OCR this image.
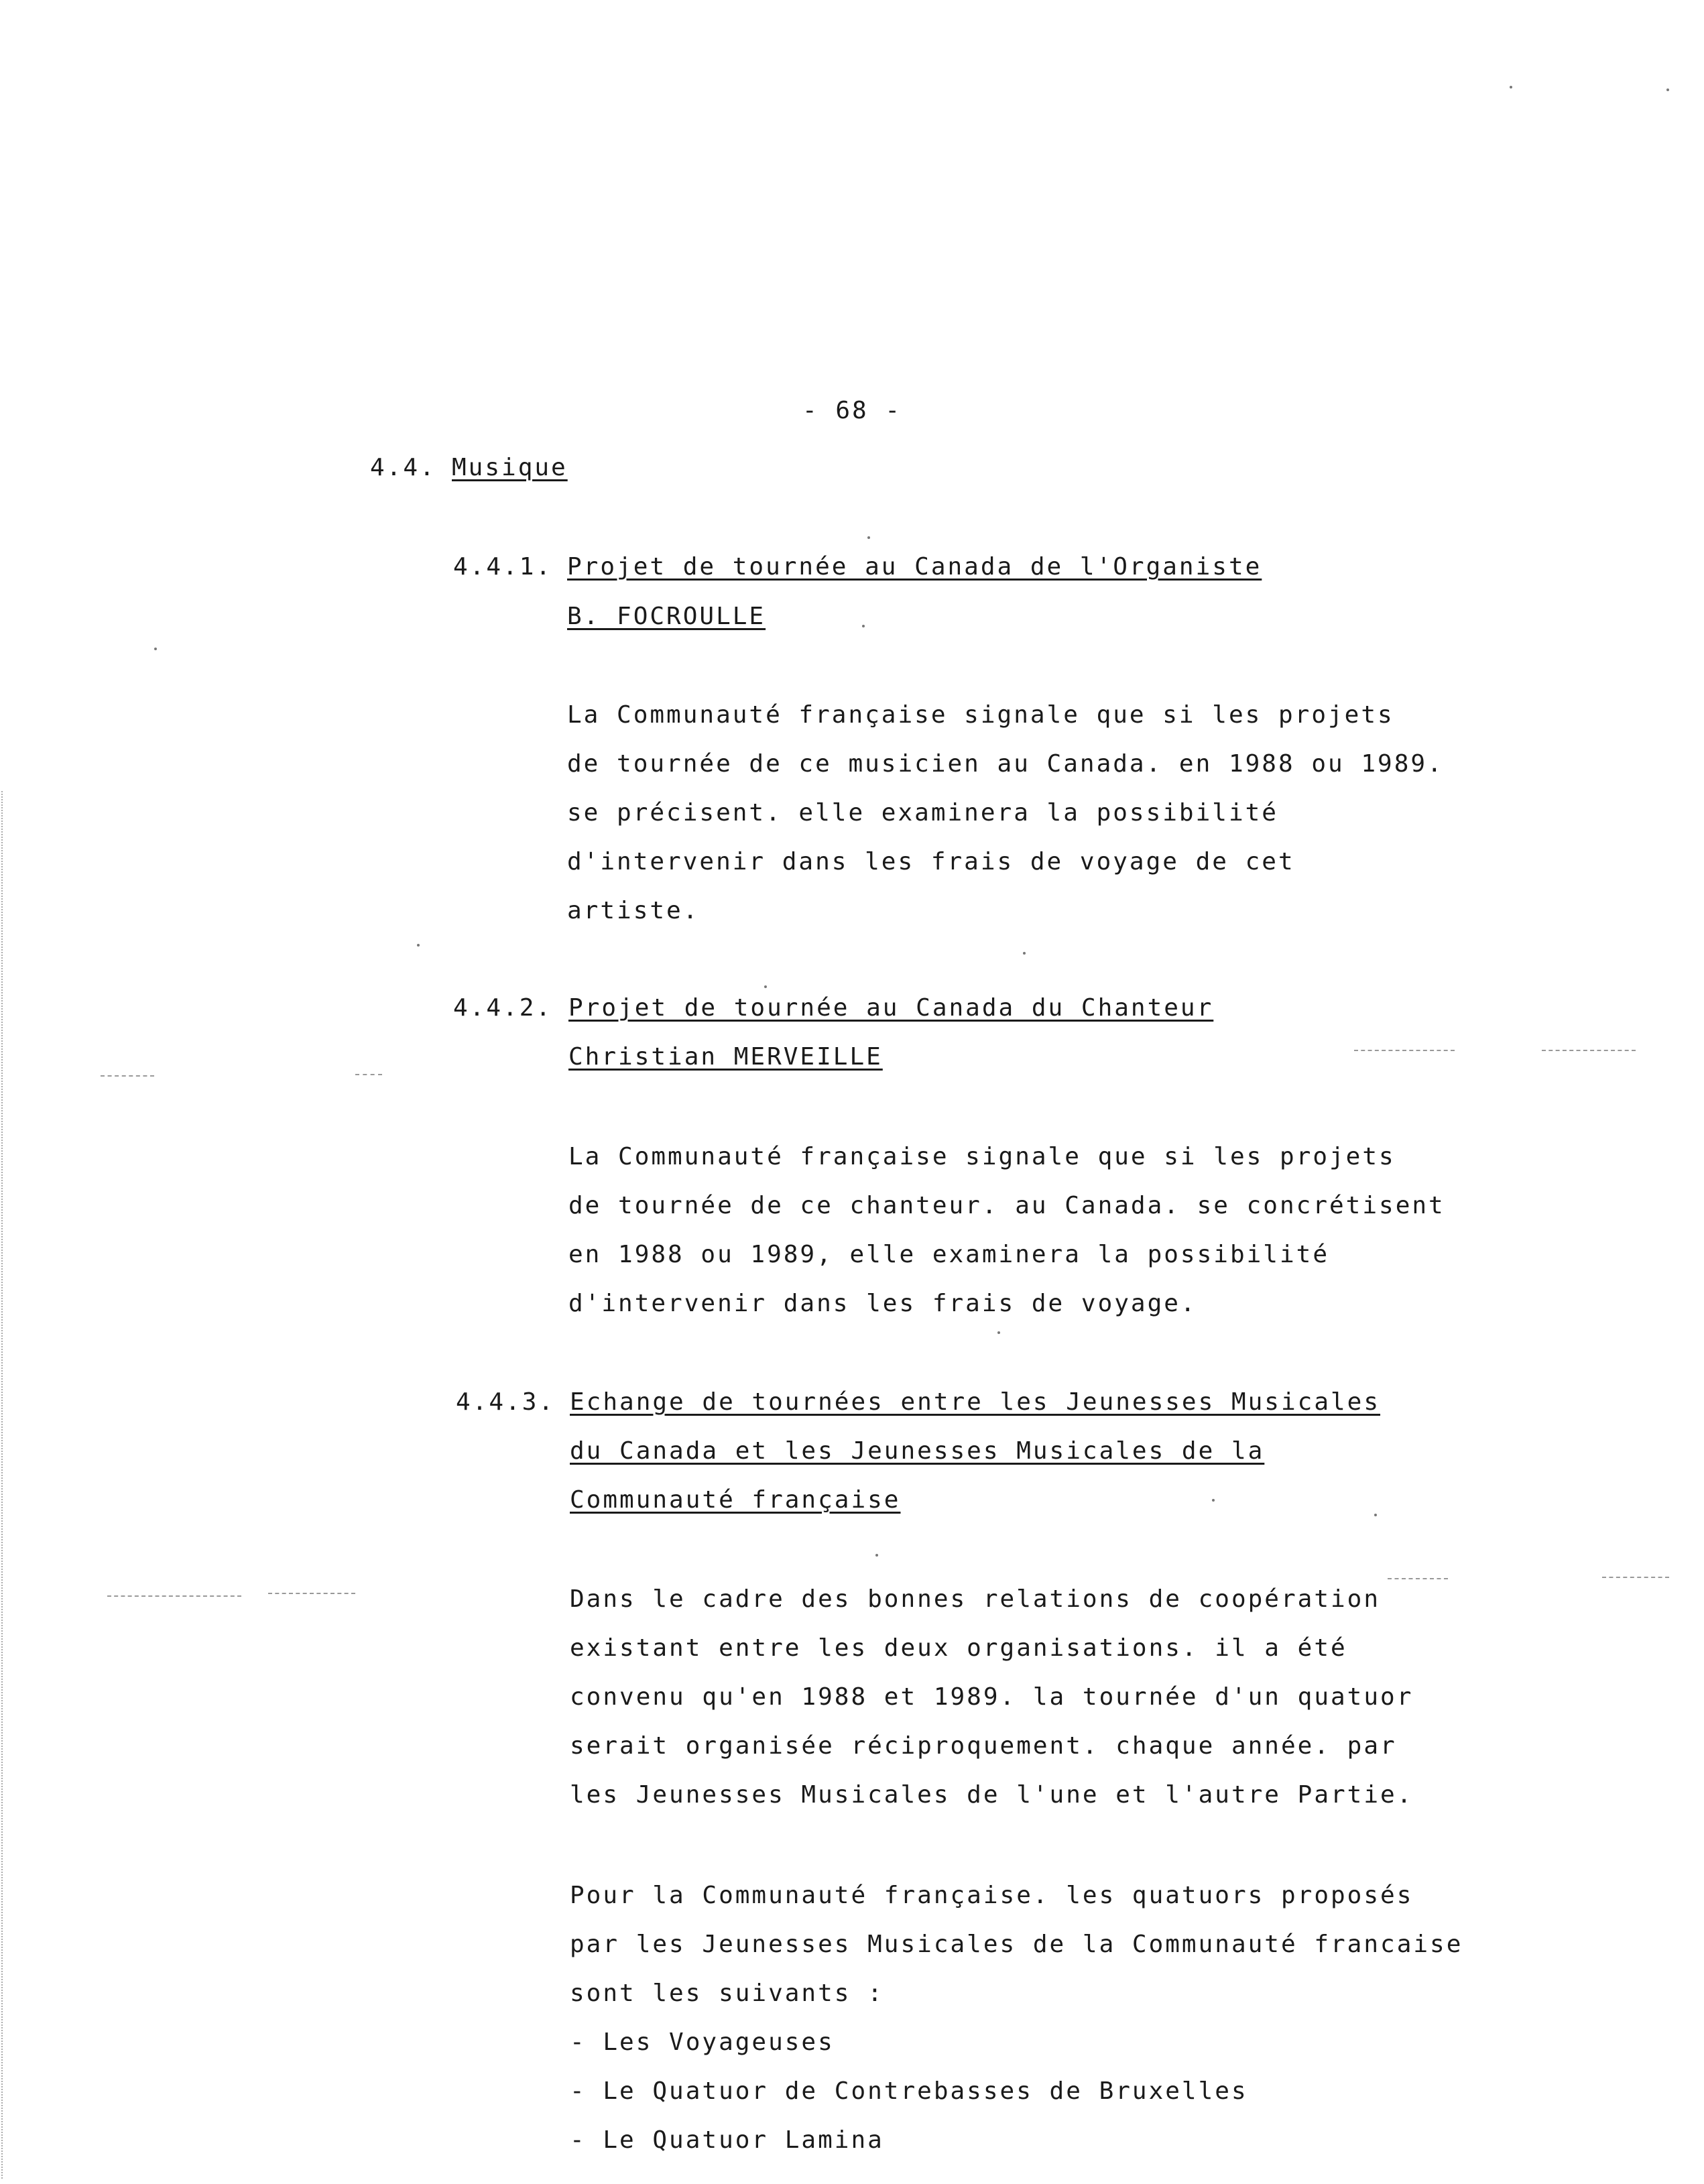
- 68 -
4.4. Musique
4.4.1. Projet de tournée au Canada de l'Organiste
B. FOCROULLE
La Communauté française signale que si les projets
de tournée de ce musicien au Canada. en 1988 ou 1989.
se précisent. elle examinera la possibilité
d'intervenir dans les frais de voyage de cet
artiste.
4.4.2. Projet de tournée au Canada du Chanteur
Christian MERVEILLE
La Communauté française signale que si les projets
de tournée de ce chanteur. au Canada. se concrétisent
en 1988 ou 1989, elle examinera la possibilité
d'intervenir dans les frais de voyage.
4.4.3. Echange de tournées entre les Jeunesses Musicales
du Canada et les Jeunesses Musicales de la
Communauté française
Dans le cadre des bonnes relations de coopération
existant entre les deux organisations. il a été
convenu qu'en 1988 et 1989. la tournée d'un quatuor
serait organisée réciproquement. chaque année. par
les Jeunesses Musicales de l'une et l'autre Partie.
Pour la Communauté française. les quatuors proposés
par les Jeunesses Musicales de la Communauté francaise
sont les suivants :
- Les Voyageuses
- Le Quatuor de Contrebasses de Bruxelles
- Le Quatuor Lamina
